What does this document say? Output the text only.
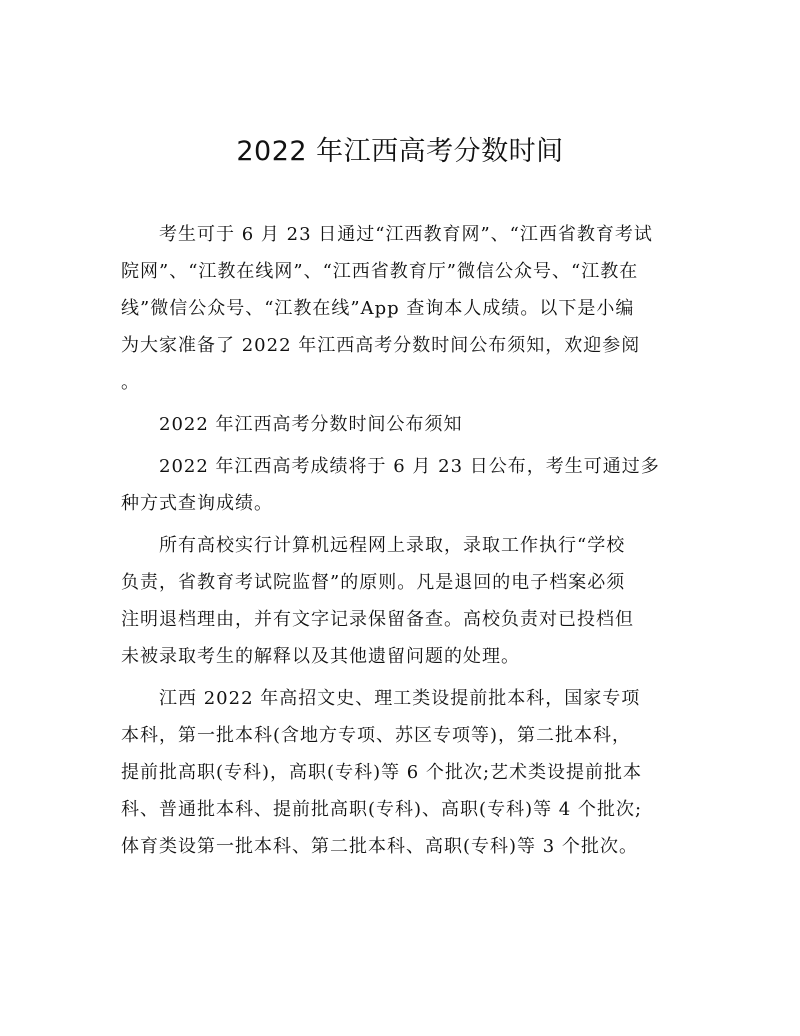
2022 年江西高考分数时间
　　考生可于 6 月 23 日通过“江西教育网”、“江西省教育考试
院网”、“江教在线网”、“江西省教育厅”微信公众号、“江教在
线”微信公众号、“江教在线”App 查询本人成绩。以下是小编
为大家准备了 2022 年江西高考分数时间公布须知，欢迎参阅
。
　　2022 年江西高考分数时间公布须知
　　2022 年江西高考成绩将于 6 月 23 日公布，考生可通过多
种方式查询成绩。
　　所有高校实行计算机远程网上录取，录取工作执行“学校
负责，省教育考试院监督”的原则。凡是退回的电子档案必须
注明退档理由，并有文字记录保留备查。高校负责对已投档但
未被录取考生的解释以及其他遗留问题的处理。
　　江西 2022 年高招文史、理工类设提前批本科，国家专项
本科，第一批本科(含地方专项、苏区专项等)，第二批本科，
提前批高职(专科)，高职(专科)等 6 个批次;艺术类设提前批本
科、普通批本科、提前批高职(专科)、高职(专科)等 4 个批次;
体育类设第一批本科、第二批本科、高职(专科)等 3 个批次。
